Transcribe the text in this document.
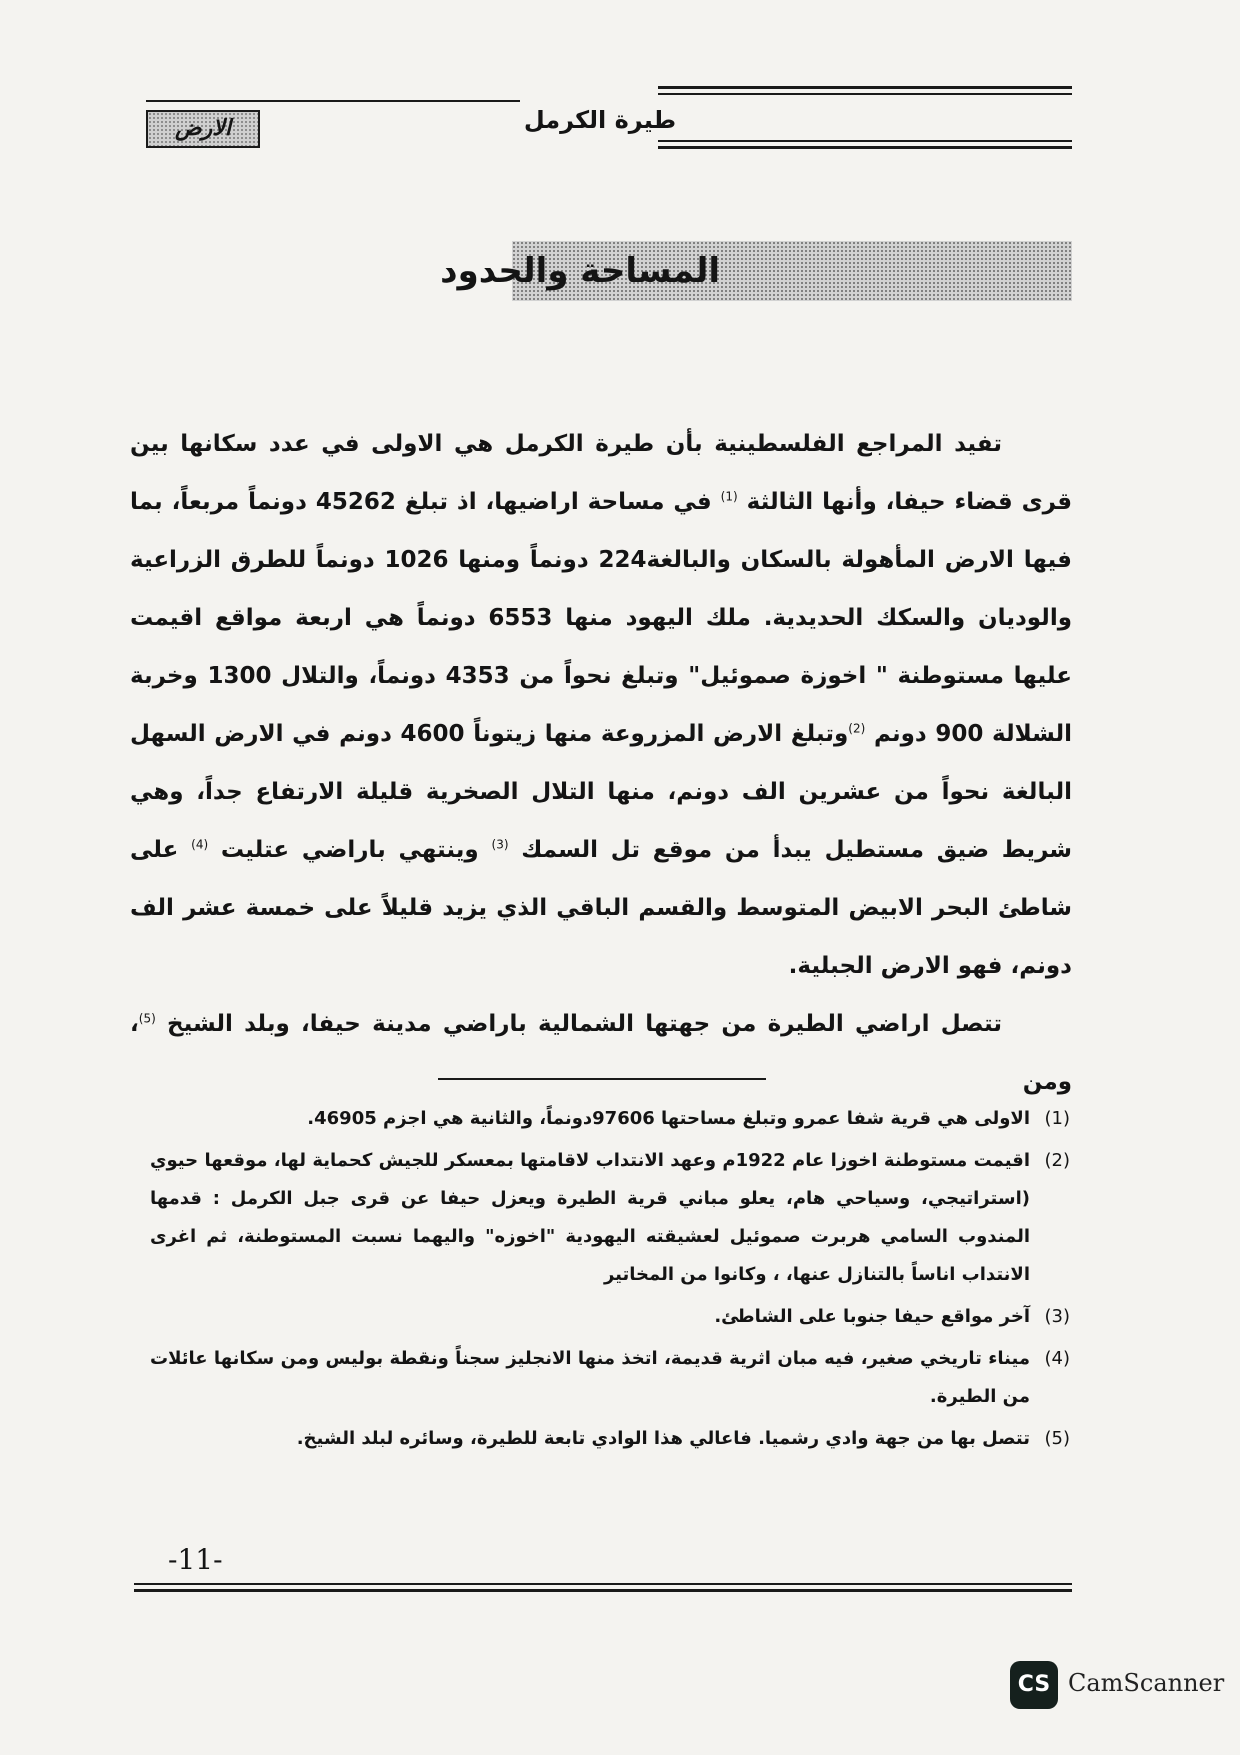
طيرة الكرمل
الارض
المساحة والحدود

تفيد المراجع الفلسطينية بأن طيرة الكرمل هي الاولى في عدد سكانها بين قرى قضاء حيفا، وأنها الثالثة $^{(1)}$ في مساحة اراضيها، اذ تبلغ 45262 دونماً مربعاً، بما فيها الارض المأهولة بالسكان والبالغة224 دونماً ومنها 1026 دونماً للطرق الزراعية والوديان والسكك الحديدية. ملك اليهود منها 6553 دونماً هي اربعة مواقع اقيمت عليها مستوطنة " اخوزة صموئيل" وتبلغ نحواً من 4353 دونماً، والتلال 1300 وخربة الشلالة 900 دونم $^{(2)}$وتبلغ الارض المزروعة منها زيتوناً 4600 دونم في الارض السهل البالغة نحواً من عشرين الف دونم، منها التلال الصخرية قليلة الارتفاع جداً، وهي شريط ضيق مستطيل يبدأ من موقع تل السمك $^{(3)}$ وينتهي باراضي عتليت $^{(4)}$ على شاطئ البحر الابيض المتوسط والقسم الباقي الذي يزيد قليلاً على خمسة عشر الف دونم، فهو الارض الجبلية.

تتصل اراضي الطيرة من جهتها الشمالية باراضي مدينة حيفا، وبلد الشيخ $^{(5)}$، ومن

(1)
الاولى هي قرية شفا عمرو وتبلغ مساحتها 97606دونماً، والثانية هي اجزم 46905.
(2)
اقيمت مستوطنة اخوزا عام 1922م وعهد الانتداب لاقامتها بمعسكر للجيش كحماية لها، موقعها حيوي (استراتيجي، وسياحي هام، يعلو مباني قرية الطيرة ويعزل حيفا عن قرى جبل الكرمل : قدمها المندوب السامي هربرت صموئيل لعشيقته اليهودية "اخوزه" واليهما نسبت المستوطنة، ثم اغرى الانتداب اناساً بالتنازل عنها، ، وكانوا من المخاتير
(3)
آخر مواقع حيفا جنوبا على الشاطئ.
(4)
ميناء تاريخي صغير، فيه مبان اثرية قديمة، اتخذ منها الانجليز سجناً ونقطة بوليس ومن سكانها عائلات من الطيرة.
(5)
تتصل بها من جهة وادي رشميا. فاعالي هذا الوادي تابعة للطيرة، وسائره لبلد الشيخ.
-11-
CS CamScanner
